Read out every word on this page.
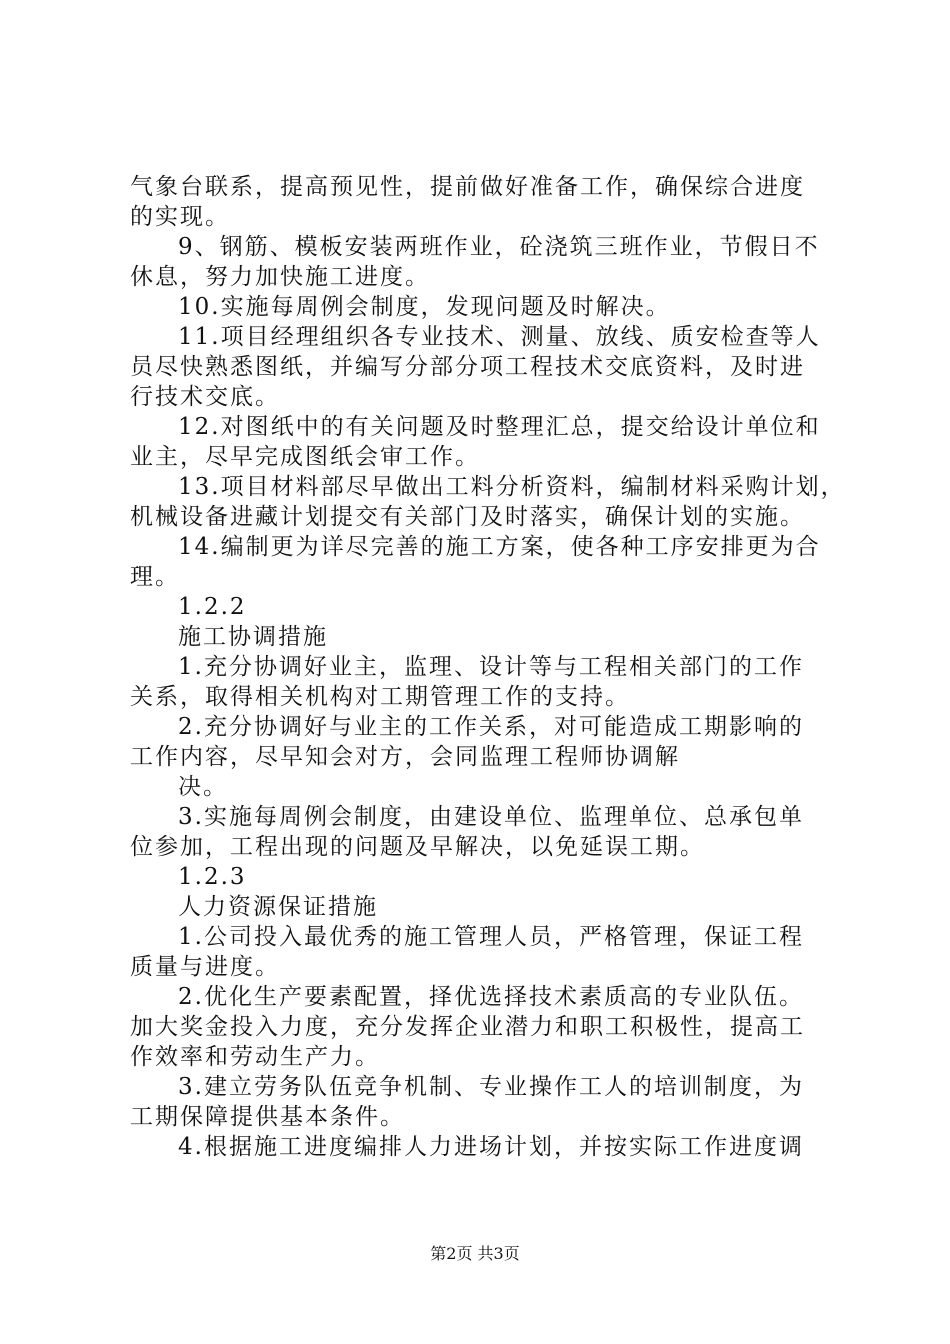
气象台联系，提高预见性，提前做好准备工作，确保综合进度
的实现。
9、钢筋、模板安装两班作业，砼浇筑三班作业，节假日不
休息，努力加快施工进度。
10.实施每周例会制度，发现问题及时解决。
11.项目经理组织各专业技术、测量、放线、质安检查等人
员尽快熟悉图纸，并编写分部分项工程技术交底资料，及时进
行技术交底。
12.对图纸中的有关问题及时整理汇总，提交给设计单位和
业主，尽早完成图纸会审工作。
13.项目材料部尽早做出工料分析资料，编制材料采购计划，
机械设备进藏计划提交有关部门及时落实，确保计划的实施。
14.编制更为详尽完善的施工方案，使各种工序安排更为合
理。
1.2.2
施工协调措施
1.充分协调好业主，监理、设计等与工程相关部门的工作
关系，取得相关机构对工期管理工作的支持。
2.充分协调好与业主的工作关系，对可能造成工期影响的
工作内容，尽早知会对方，会同监理工程师协调解
决。
3.实施每周例会制度，由建设单位、监理单位、总承包单
位参加，工程出现的问题及早解决，以免延误工期。
1.2.3
人力资源保证措施
1.公司投入最优秀的施工管理人员，严格管理，保证工程
质量与进度。
2.优化生产要素配置，择优选择技术素质高的专业队伍。
加大奖金投入力度，充分发挥企业潜力和职工积极性，提高工
作效率和劳动生产力。
3.建立劳务队伍竞争机制、专业操作工人的培训制度，为
工期保障提供基本条件。
4.根据施工进度编排人力进场计划，并按实际工作进度调
第2页 共3页
